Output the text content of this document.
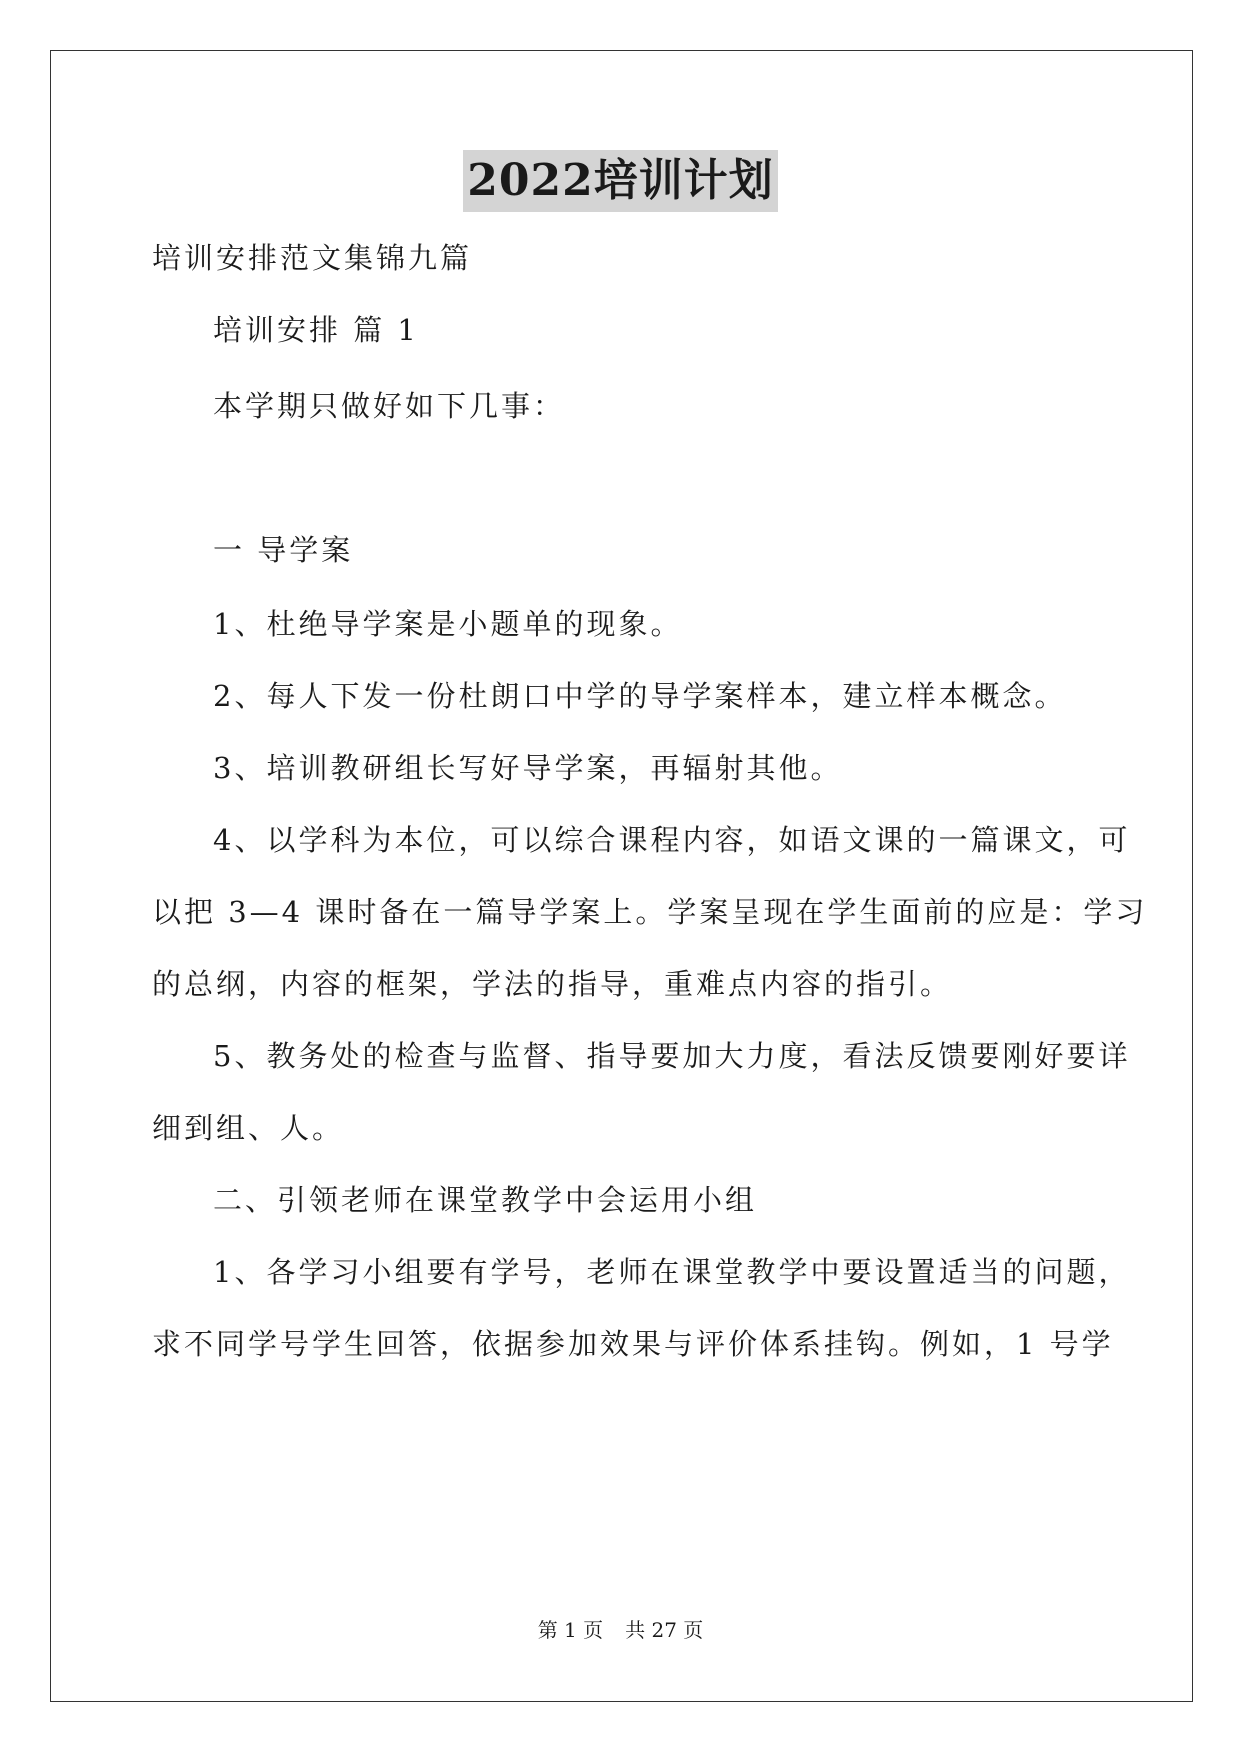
2022培训计划
培训安排范文集锦九篇
培训安排 篇 1
本学期只做好如下几事：
一 导学案
1、杜绝导学案是小题单的现象。
2、每人下发一份杜朗口中学的导学案样本，建立样本概念。
3、培训教研组长写好导学案，再辐射其他。
4、以学科为本位，可以综合课程内容，如语文课的一篇课文，可
以把 3—4 课时备在一篇导学案上。学案呈现在学生面前的应是：学习
的总纲，内容的框架，学法的指导，重难点内容的指引。
5、教务处的检查与监督、指导要加大力度，看法反馈要刚好要详
细到组、人。
二、引领老师在课堂教学中会运用小组
1、各学习小组要有学号，老师在课堂教学中要设置适当的问题，
求不同学号学生回答，依据参加效果与评价体系挂钩。例如，1 号学
第 1 页 共 27 页
